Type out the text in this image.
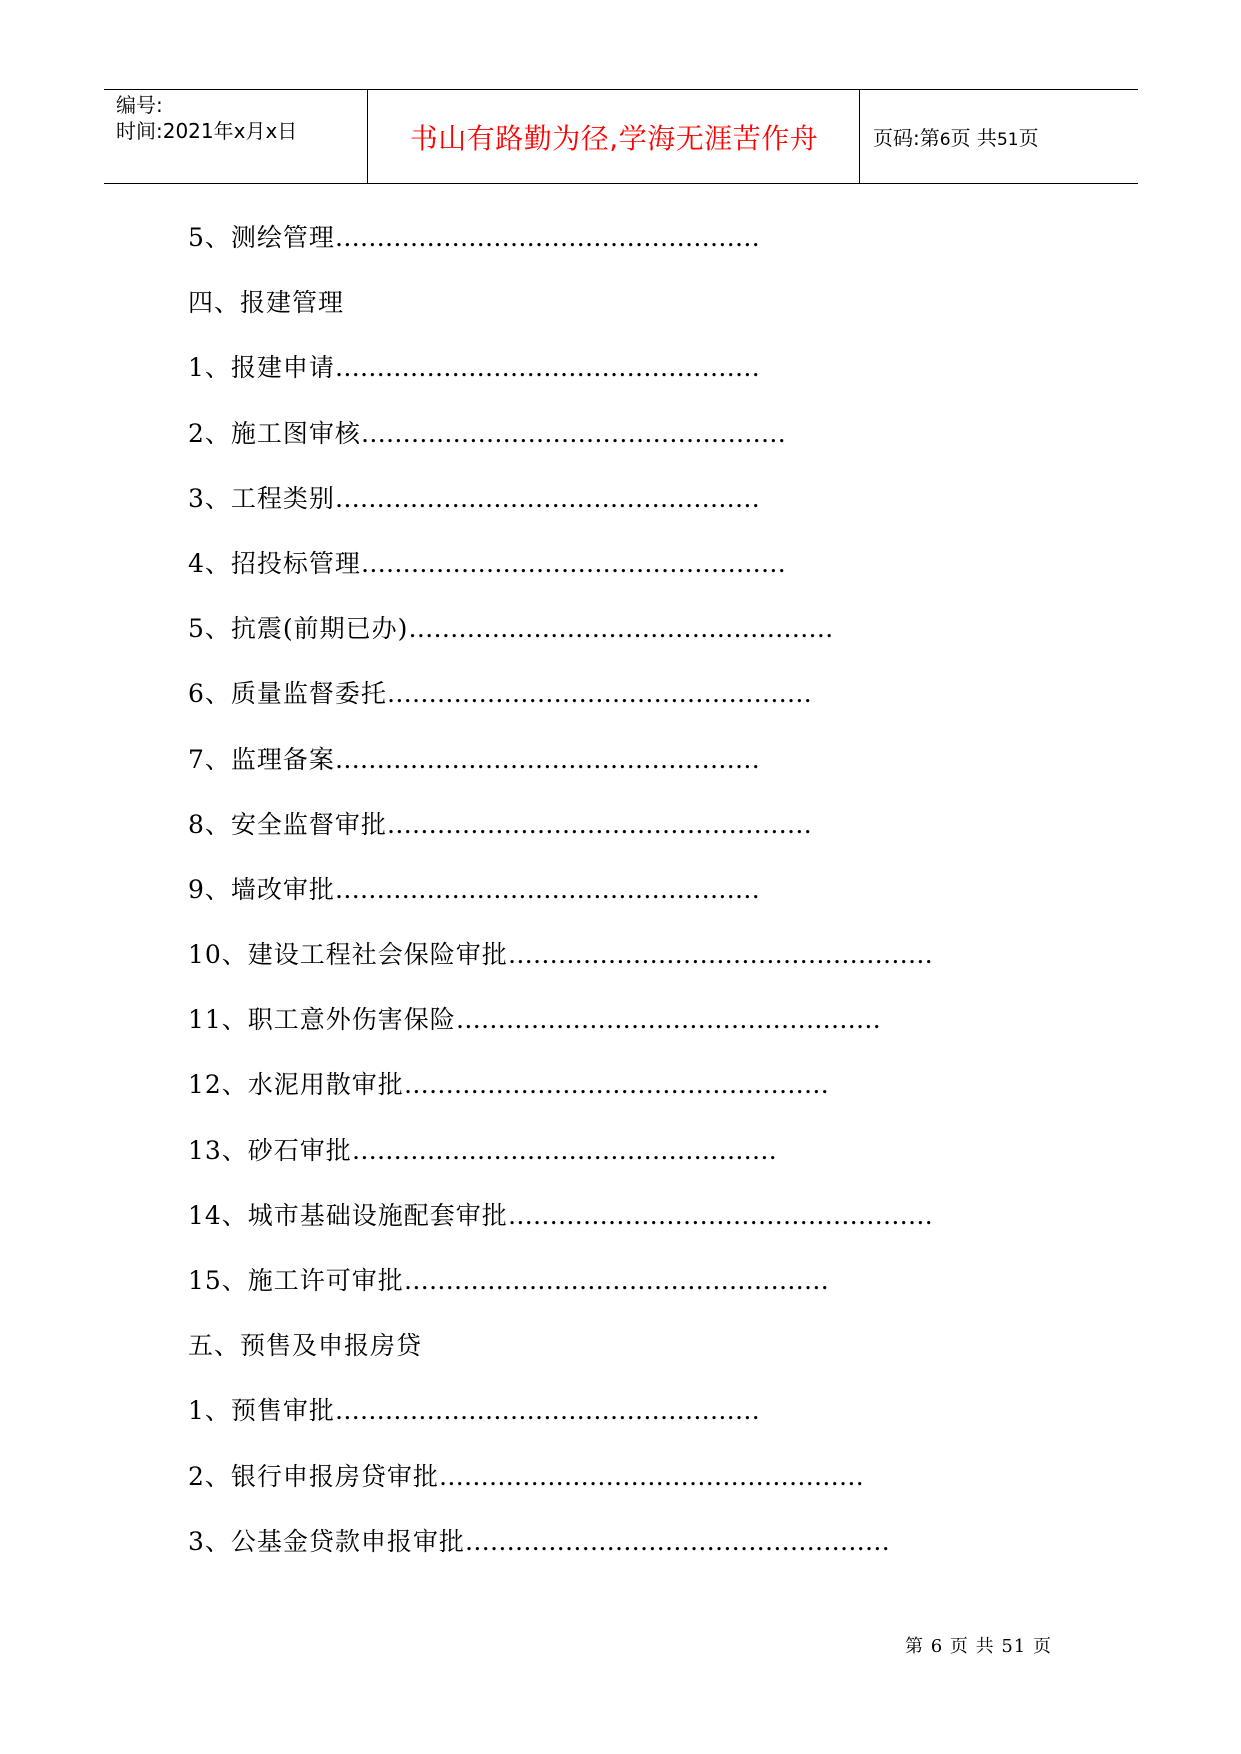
编号:
时间:2021年x月x日	书山有路勤为径,学海无涯苦作舟	页码:第6页 共51页
5、测绘管理……………………………………………
四、报建管理
1、报建申请……………………………………………
2、施工图审核……………………………………………
3、工程类别……………………………………………
4、招投标管理……………………………………………
5、抗震(前期已办)……………………………………………
6、质量监督委托……………………………………………
7、监理备案……………………………………………
8、安全监督审批……………………………………………
9、墙改审批……………………………………………
10、建设工程社会保险审批……………………………………………
11、职工意外伤害保险……………………………………………
12、水泥用散审批……………………………………………
13、砂石审批……………………………………………
14、城市基础设施配套审批……………………………………………
15、施工许可审批……………………………………………
五、预售及申报房贷
1、预售审批……………………………………………
2、银行申报房贷审批……………………………………………
3、公基金贷款申报审批……………………………………………
第 6 页 共 51 页
